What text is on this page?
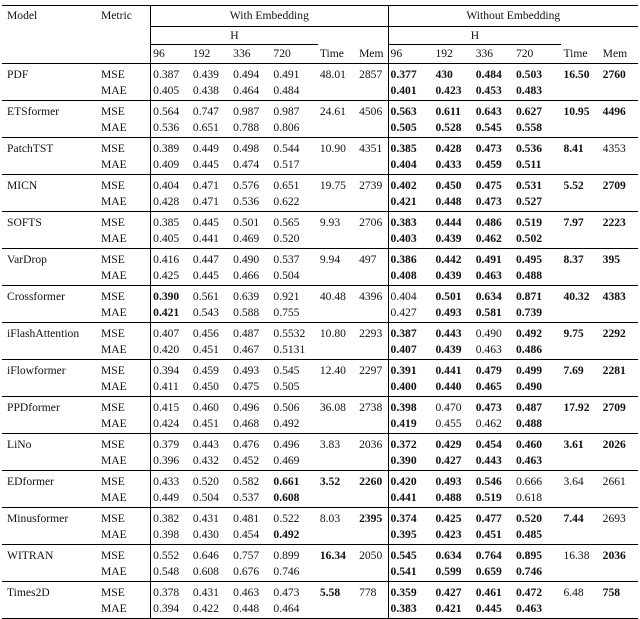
Model	Metric	With Embedding						Without Embedding					
		H						H					
		96	192	336	720	Time	Mem	96	192	336	720	Time	Mem
PDF	MSE	0.387	0.439	0.494	0.491	48.01	2857	0.377	430	0.484	0.503	16.50	2760
	MAE	0.405	0.438	0.464	0.484			0.401	0.423	0.453	0.483		
ETSformer	MSE	0.564	0.747	0.987	0.987	24.61	4506	0.563	0.611	0.643	0.627	10.95	4496
	MAE	0.536	0.651	0.788	0.806			0.505	0.528	0.545	0.558		
PatchTST	MSE	0.389	0.449	0.498	0.544	10.90	4351	0.385	0.428	0.473	0.536	8.41	4353
	MAE	0.409	0.445	0.474	0.517			0.404	0.433	0.459	0.511		
MICN	MSE	0.404	0.471	0.576	0.651	19.75	2739	0.402	0.450	0.475	0.531	5.52	2709
	MAE	0.428	0.471	0.536	0.622			0.421	0.448	0.473	0.527		
SOFTS	MSE	0.385	0.445	0.501	0.565	9.93	2706	0.383	0.444	0.486	0.519	7.97	2223
	MAE	0.405	0.441	0.469	0.520			0.403	0.439	0.462	0.502		
VarDrop	MSE	0.416	0.447	0.490	0.537	9.94	497	0.386	0.442	0.491	0.495	8.37	395
	MAE	0.425	0.445	0.466	0.504			0.408	0.439	0.463	0.488		
Crossformer	MSE	0.390	0.561	0.639	0.921	40.48	4396	0.404	0.501	0.634	0.871	40.32	4383
	MAE	0.421	0.543	0.588	0.755			0.427	0.493	0.581	0.739		
iFlashAttention	MSE	0.407	0.456	0.487	0.5532	10.80	2293	0.387	0.443	0.490	0.492	9.75	2292
	MAE	0.420	0.451	0.467	0.5131			0.407	0.439	0.463	0.486		
iFlowformer	MSE	0.394	0.459	0.493	0.545	12.40	2297	0.391	0.441	0.479	0.499	7.69	2281
	MAE	0.411	0.450	0.475	0.505			0.400	0.440	0.465	0.490		
PPDformer	MSE	0.415	0.460	0.496	0.506	36.08	2738	0.398	0.470	0.473	0.487	17.92	2709
	MAE	0.424	0.451	0.468	0.492			0.419	0.455	0.462	0.488		
LiNo	MSE	0.379	0.443	0.476	0.496	3.83	2036	0.372	0.429	0.454	0.460	3.61	2026
	MAE	0.396	0.432	0.452	0.469			0.390	0.427	0.443	0.463		
EDformer	MSE	0.433	0.520	0.582	0.661	3.52	2260	0.420	0.493	0.546	0.666	3.64	2661
	MAE	0.449	0.504	0.537	0.608			0.441	0.488	0.519	0.618		
Minusformer	MSE	0.382	0.431	0.481	0.522	8.03	2395	0.374	0.425	0.477	0.520	7.44	2693
	MAE	0.398	0.430	0.454	0.492			0.395	0.423	0.451	0.485		
WITRAN	MSE	0.552	0.646	0.757	0.899	16.34	2050	0.545	0.634	0.764	0.895	16.38	2036
	MAE	0.548	0.608	0.676	0.746			0.541	0.599	0.659	0.746		
Times2D	MSE	0.378	0.431	0.463	0.473	5.58	778	0.359	0.427	0.461	0.472	6.48	758
	MAE	0.394	0.422	0.448	0.464			0.383	0.421	0.445	0.463		
